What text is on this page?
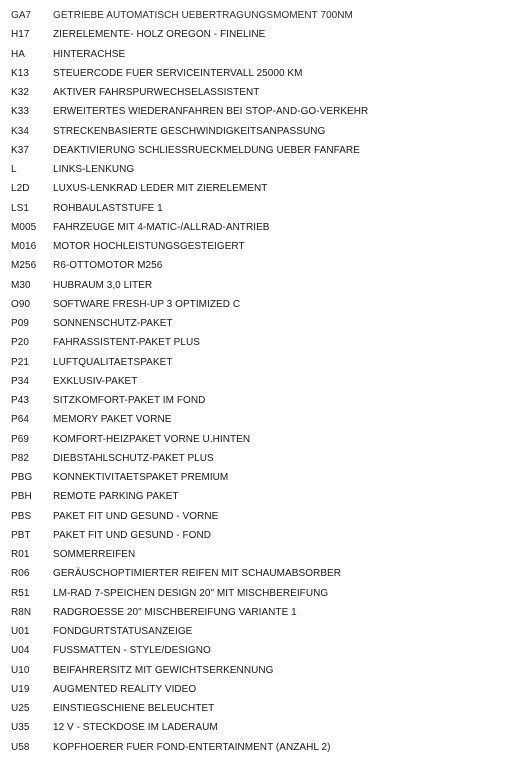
GA7	GETRIEBE AUTOMATISCH UEBERTRAGUNGSMOMENT 700NM
H17	ZIERELEMENTE- HOLZ OREGON - FINELINE
HA	HINTERACHSE
K13	STEUERCODE FUER SERVICEINTERVALL 25000 KM
K32	AKTIVER FAHRSPURWECHSELASSISTENT
K33	ERWEITERTES WIEDERANFAHREN BEI STOP-AND-GO-VERKEHR
K34	STRECKENBASIERTE GESCHWINDIGKEITSANPASSUNG
K37	DEAKTIVIERUNG SCHLIESSRUECKMELDUNG UEBER FANFARE
L	LINKS-LENKUNG
L2D	LUXUS-LENKRAD LEDER MIT ZIERELEMENT
LS1	ROHBAULASTSTUFE 1
M005	FAHRZEUGE MIT 4-MATIC-/ALLRAD-ANTRIEB
M016	MOTOR HOCHLEISTUNGSGESTEIGERT
M256	R6-OTTOMOTOR M256
M30	HUBRAUM 3,0 LITER
O90	SOFTWARE FRESH-UP 3 OPTIMIZED C
P09	SONNENSCHUTZ-PAKET
P20	FAHRASSISTENT-PAKET PLUS
P21	LUFTQUALITAETSPAKET
P34	EXKLUSIV-PAKET
P43	SITZKOMFORT-PAKET IM FOND
P64	MEMORY PAKET VORNE
P69	KOMFORT-HEIZPAKET VORNE U.HINTEN
P82	DIEBSTAHLSCHUTZ-PAKET PLUS
PBG	KONNEKTIVITAETSPAKET PREMIUM
PBH	REMOTE PARKING PAKET
PBS	PAKET FIT UND GESUND - VORNE
PBT	PAKET FIT UND GESUND - FOND
R01	SOMMERREIFEN
R06	GERÄUSCHOPTIMIERTER REIFEN MIT SCHAUMABSORBER
R51	LM-RAD 7-SPEICHEN DESIGN 20" MIT MISCHBEREIFUNG
R8N	RADGROESSE 20" MISCHBEREIFUNG VARIANTE 1
U01	FONDGURTSTATUSANZEIGE
U04	FUSSMATTEN - STYLE/DESIGNO
U10	BEIFAHRERSITZ MIT GEWICHTSERKENNUNG
U19	AUGMENTED REALITY VIDEO
U25	EINSTIEGSCHIENE BELEUCHTET
U35	12 V - STECKDOSE IM LADERAUM
U58	KOPFHOERER FUER FOND-ENTERTAINMENT (ANZAHL 2)
